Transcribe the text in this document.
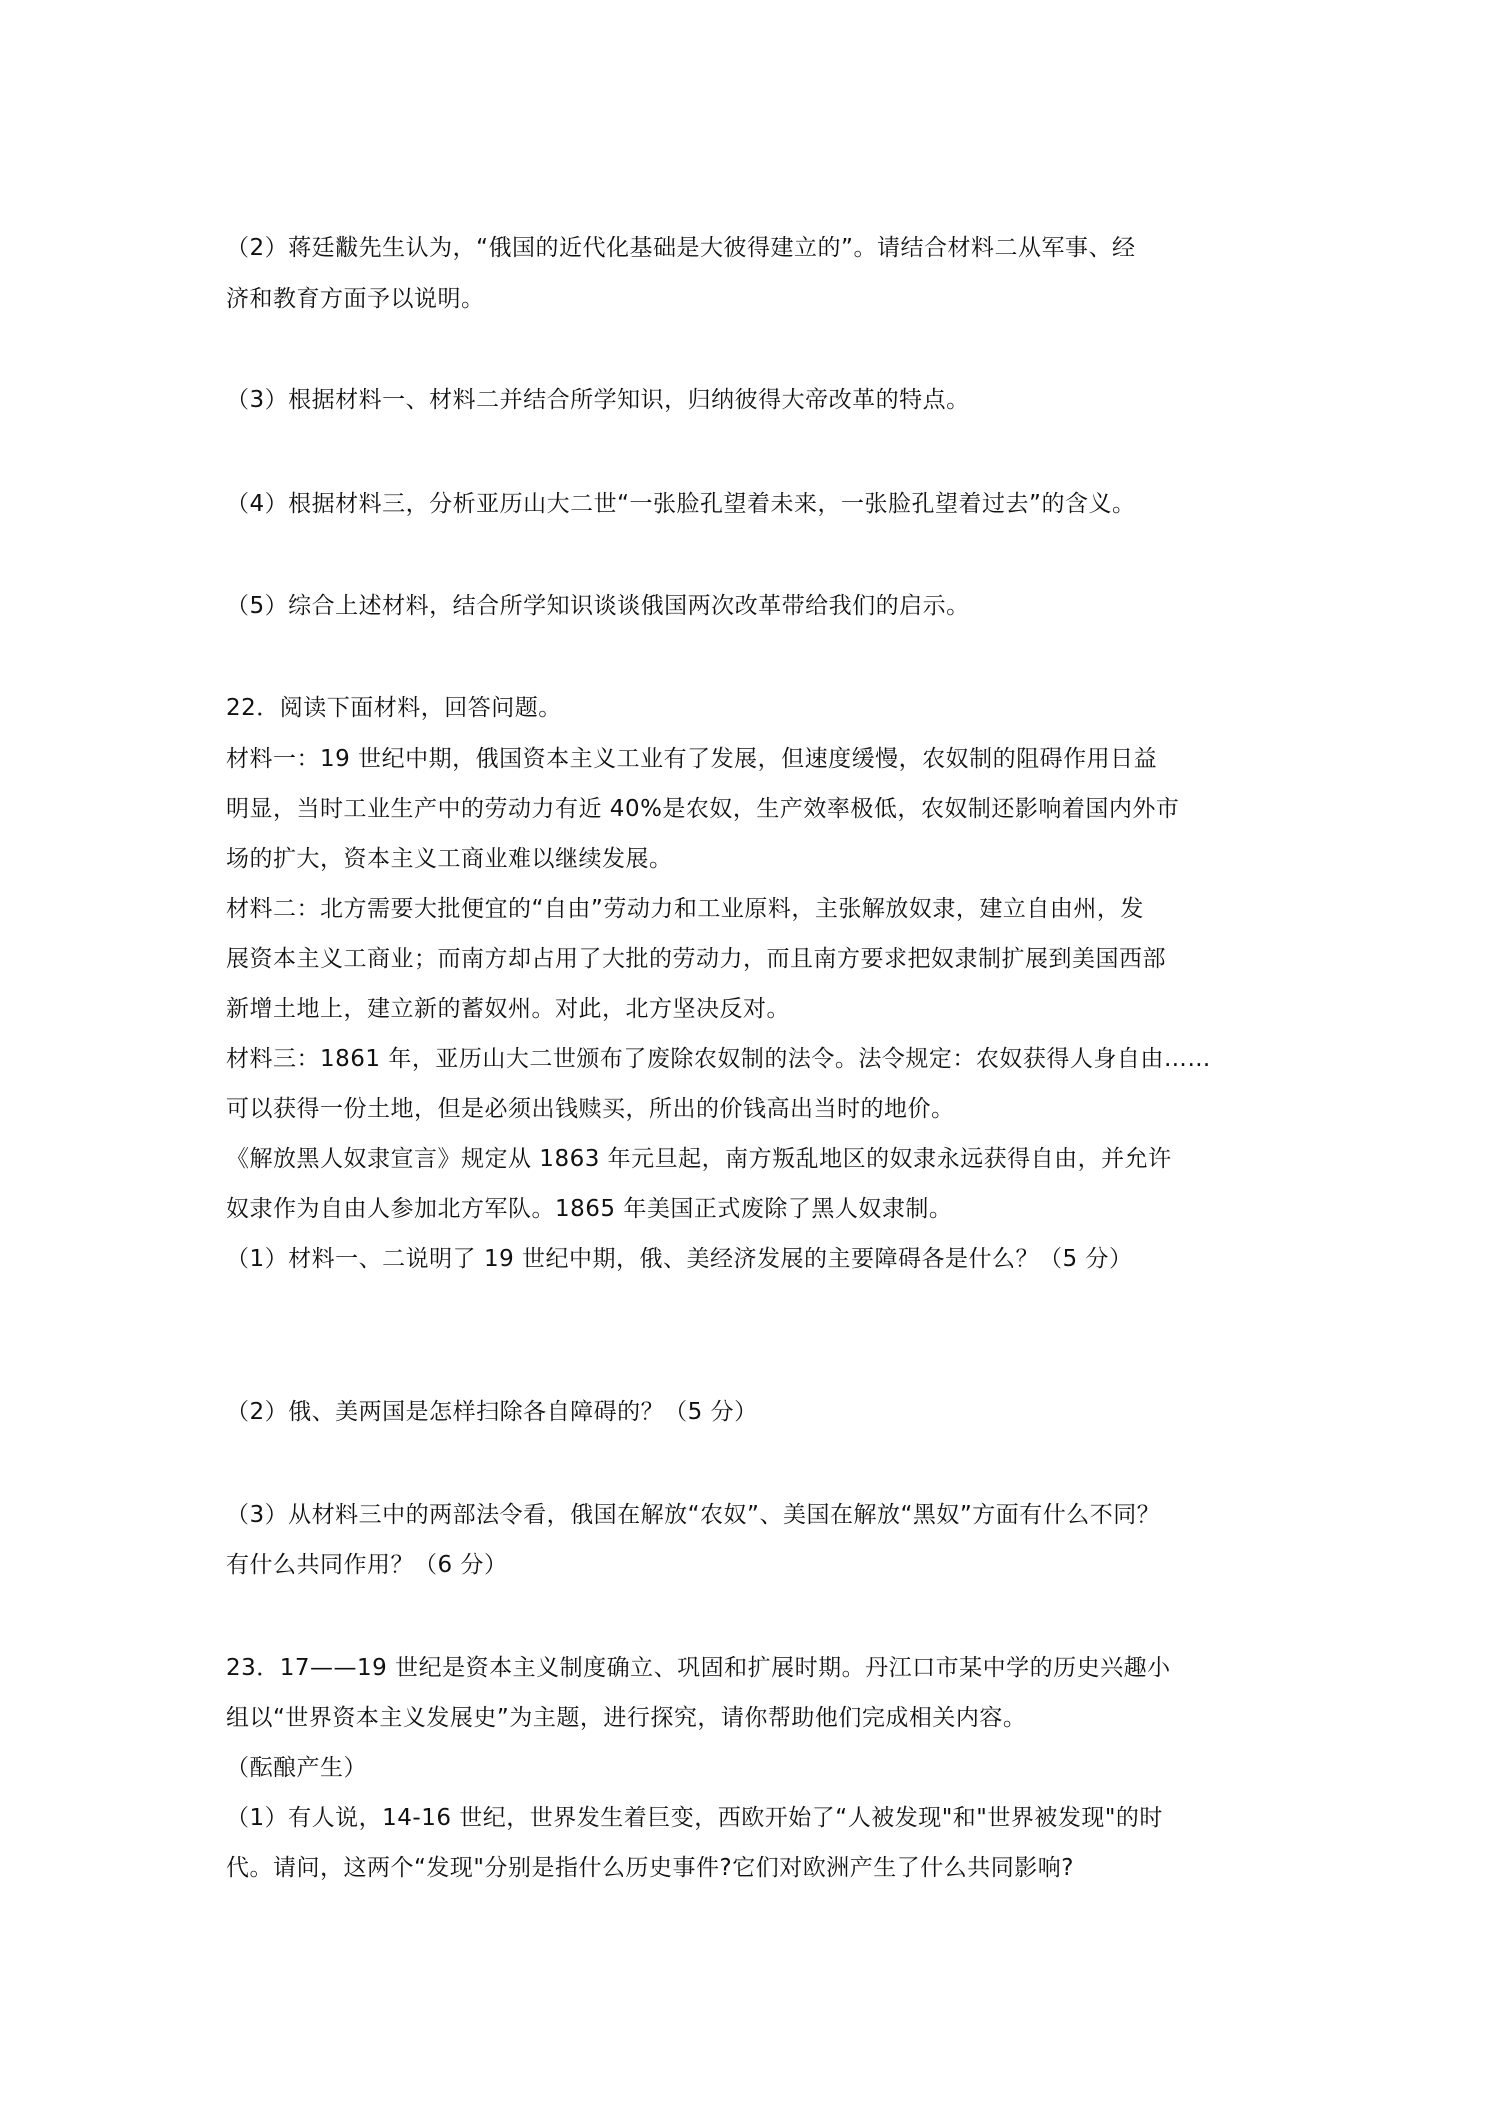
（2）蒋廷黻先生认为，“俄国的近代化基础是大彼得建立的”。请结合材料二从军事、经
济和教育方面予以说明。
（3）根据材料一、材料二并结合所学知识，归纳彼得大帝改革的特点。
（4）根据材料三，分析亚历山大二世“一张脸孔望着未来，一张脸孔望着过去”的含义。
（5）综合上述材料，结合所学知识谈谈俄国两次改革带给我们的启示。
22．阅读下面材料，回答问题。
材料一：19 世纪中期，俄国资本主义工业有了发展，但速度缓慢，农奴制的阻碍作用日益
明显，当时工业生产中的劳动力有近 40%是农奴，生产效率极低，农奴制还影响着国内外市
场的扩大，资本主义工商业难以继续发展。
材料二：北方需要大批便宜的“自由”劳动力和工业原料，主张解放奴隶，建立自由州，发
展资本主义工商业；而南方却占用了大批的劳动力，而且南方要求把奴隶制扩展到美国西部
新增土地上，建立新的蓄奴州。对此，北方坚决反对。
材料三：1861 年，亚历山大二世颁布了废除农奴制的法令。法令规定：农奴获得人身自由……
可以获得一份土地，但是必须出钱赎买，所出的价钱高出当时的地价。
《解放黑人奴隶宣言》规定从 1863 年元旦起，南方叛乱地区的奴隶永远获得自由，并允许
奴隶作为自由人参加北方军队。1865 年美国正式废除了黑人奴隶制。
（1）材料一、二说明了 19 世纪中期，俄、美经济发展的主要障碍各是什么？（5 分）
（2）俄、美两国是怎样扫除各自障碍的？（5 分）
（3）从材料三中的两部法令看，俄国在解放“农奴”、美国在解放“黑奴”方面有什么不同？
有什么共同作用？（6 分）
23．17——19 世纪是资本主义制度确立、巩固和扩展时期。丹江口市某中学的历史兴趣小
组以“世界资本主义发展史”为主题，进行探究，请你帮助他们完成相关内容。
（酝酿产生）
（1）有人说，14-16 世纪，世界发生着巨变，西欧开始了“人被发现"和"世界被发现"的时
代。请问，这两个“发现"分别是指什么历史事件?它们对欧洲产生了什么共同影响?
